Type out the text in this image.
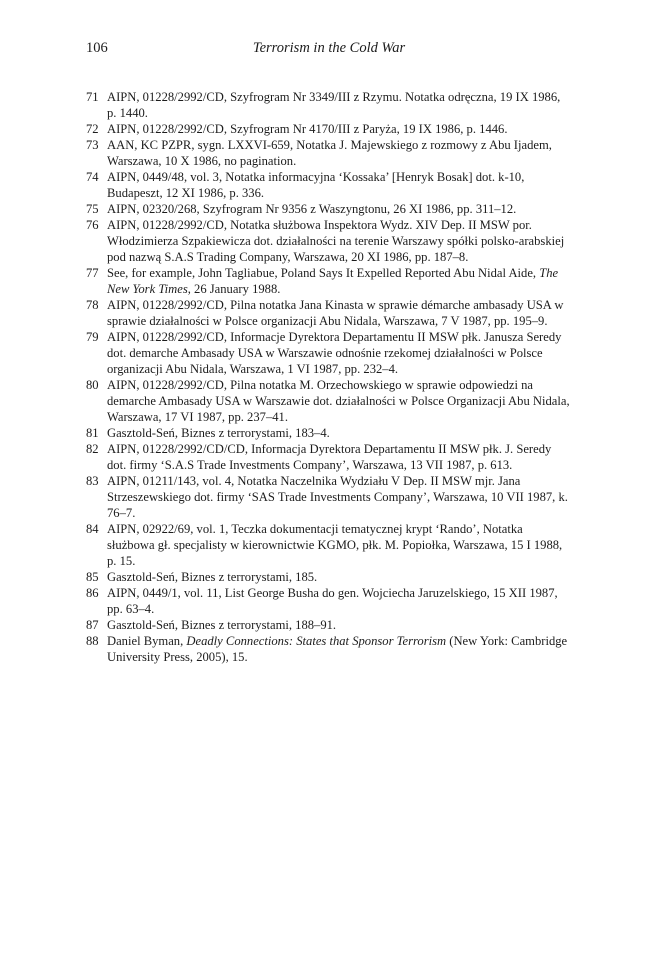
106	Terrorism in the Cold War
71 AIPN, 01228/2992/CD, Szyfrogram Nr 3349/III z Rzymu. Notatka odręczna, 19 IX 1986, p. 1440.
72 AIPN, 01228/2992/CD, Szyfrogram Nr 4170/III z Paryża, 19 IX 1986, p. 1446.
73 AAN, KC PZPR, sygn. LXXVI-659, Notatka J. Majewskiego z rozmowy z Abu Ijadem, Warszawa, 10 X 1986, no pagination.
74 AIPN, 0449/48, vol. 3, Notatka informacyjna ‘Kossaka’ [Henryk Bosak] dot. k-10, Budapeszt, 12 XI 1986, p. 336.
75 AIPN, 02320/268, Szyfrogram Nr 9356 z Waszyngtonu, 26 XI 1986, pp. 311–12.
76 AIPN, 01228/2992/CD, Notatka służbowa Inspektora Wydz. XIV Dep. II MSW por. Włodzimierza Szpakiewicza dot. działalności na terenie Warszawy spółki polsko-arabskiej pod nazwą S.A.S Trading Company, Warszawa, 20 XI 1986, pp. 187–8.
77 See, for example, John Tagliabue, Poland Says It Expelled Reported Abu Nidal Aide, The New York Times, 26 January 1988.
78 AIPN, 01228/2992/CD, Pilna notatka Jana Kinasta w sprawie démarche ambasady USA w sprawie działalności w Polsce organizacji Abu Nidala, Warszawa, 7 V 1987, pp. 195–9.
79 AIPN, 01228/2992/CD, Informacje Dyrektora Departamentu II MSW płk. Janusza Seredy dot. demarche Ambasady USA w Warszawie odnośnie rzekomej działalności w Polsce organizacji Abu Nidala, Warszawa, 1 VI 1987, pp. 232–4.
80 AIPN, 01228/2992/CD, Pilna notatka M. Orzechowskiego w sprawie odpowiedzi na demarche Ambasady USA w Warszawie dot. działalności w Polsce Organizacji Abu Nidala, Warszawa, 17 VI 1987, pp. 237–41.
81 Gasztold-Seń, Biznes z terrorystami, 183–4.
82 AIPN, 01228/2992/CD/CD, Informacja Dyrektora Departamentu II MSW płk. J. Seredy dot. firmy ‘S.A.S Trade Investments Company’, Warszawa, 13 VII 1987, p. 613.
83 AIPN, 01211/143, vol. 4, Notatka Naczelnika Wydziału V Dep. II MSW mjr. Jana Strzeszewskiego dot. firmy ‘SAS Trade Investments Company’, Warszawa, 10 VII 1987, k. 76–7.
84 AIPN, 02922/69, vol. 1, Teczka dokumentacji tematycznej krypt ‘Rando’, Notatka służbowa gł. specjalisty w kierownictwie KGMO, płk. M. Popiołka, Warszawa, 15 I 1988, p. 15.
85 Gasztold-Seń, Biznes z terrorystami, 185.
86 AIPN, 0449/1, vol. 11, List George Busha do gen. Wojciecha Jaruzelskiego, 15 XII 1987, pp. 63–4.
87 Gasztold-Seń, Biznes z terrorystami, 188–91.
88 Daniel Byman, Deadly Connections: States that Sponsor Terrorism (New York: Cambridge University Press, 2005), 15.
